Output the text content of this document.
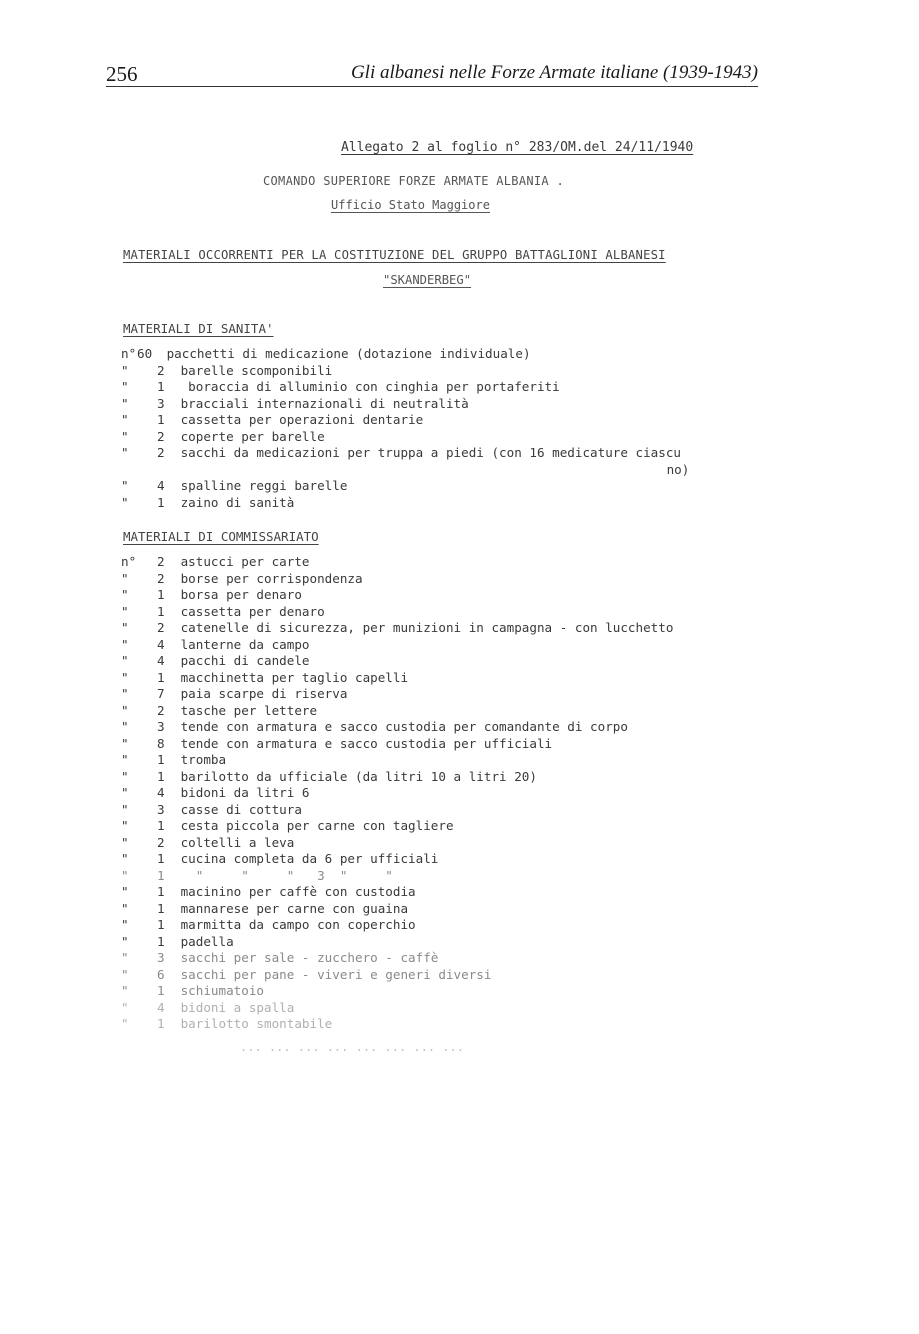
256	Gli albanesi nelle Forze Armate italiane (1939-1943)
Allegato 2 al foglio n° 283/OM.del 24/11/1940
COMANDO SUPERIORE FORZE ARMATE ALBANIA .
Ufficio Stato Maggiore
MATERIALI OCCORRENTI PER LA COSTITUZIONE DEL GRUPPO BATTAGLIONI ALBANESI
"SKANDERBEG"
MATERIALI DI SANITA'
n°60 pacchetti di medicazione (dotazione individuale)
" 2 barelle scomponibili
" 1  boraccia di alluminio con cinghia per portaferiti
" 3 bracciali internazionali di neutralità
" 1 cassetta per operazioni dentarie
" 2 coperte per barelle
" 2 sacchi da medicazioni per truppa a piedi (con 16 medicature ciascu
no)
" 4 spalline reggi barelle
" 1 zaino di sanità
MATERIALI DI COMMISSARIATO
n° 2 astucci per carte
" 2 borse per corrispondenza
" 1 borsa per denaro
" 1 cassetta per denaro
" 2 catenelle di sicurezza, per munizioni in campagna - con lucchetto
" 4 lanterne da campo
" 4 pacchi di candele
" 1 macchinetta per taglio capelli
" 7 paia scarpe di riserva
" 2 tasche per lettere
" 3 tende con armatura e sacco custodia per comandante di corpo
" 8 tende con armatura e sacco custodia per ufficiali
" 1 tromba
" 1 barilotto da ufficiale (da litri 10 a litri 20)
" 4 bidoni da litri 6
" 3 casse di cottura
" 1 cesta piccola per carne con tagliere
" 2 coltelli a leva
" 1 cucina completa da 6 per ufficiali
" 1   "     "     "   3  "     "
" 1 macinino per caffè con custodia
" 1 mannarese per carne con guaina
" 1 marmitta da campo con coperchio
" 1 padella
" 3 sacchi per sale - zucchero - caffè
" 6 sacchi per pane - viveri e generi diversi
" 1 schiumatoio
" 4 bidoni a spalla
" 1 barilotto smontabile
... ... ... ... ... ... ... ...
